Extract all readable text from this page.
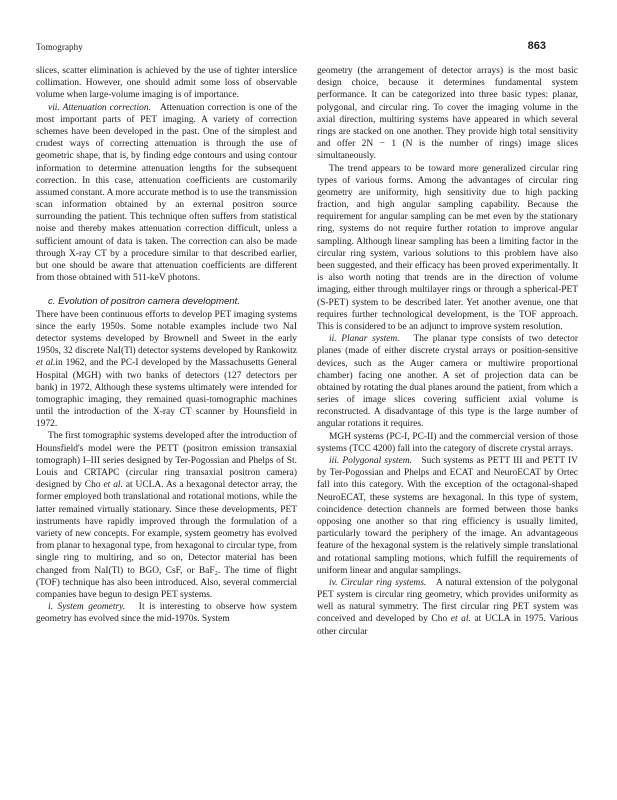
Tomography	863

slices, scatter elimination is achieved by the use of tighter interslice collimation. However, one should admit some loss of observable volume when large-volume imaging is of importance.

vii. Attenuation correction. Attenuation correction is one of the most important parts of PET imaging. A variety of correction schemes have been developed in the past. One of the simplest and crudest ways of correcting attenuation is through the use of geometric shape, that is, by finding edge contours and using contour information to determine attenuation lengths for the subsequent correction. In this case, attenuation coefficients are customarily assumed constant. A more accurate method is to use the transmission scan information obtained by an external positron source surrounding the patient. This technique often suffers from statistical noise and thereby makes attenuation correction difficult, unless a sufficient amount of data is taken. The correction can also be made through X-ray CT by a procedure similar to that described earlier, but one should be aware that attenuation coefficients are different from those obtained with 511-keV photons.

c. Evolution of positron camera development.

There have been continuous efforts to develop PET imaging systems since the early 1950s. Some notable examples include two NaI detector systems developed by Brownell and Sweet in the early 1950s, 32 discrete NaI(Tl) detector systems developed by Rankowitz et al.in 1962, and the PC-I developed by the Massachusetts General Hospital (MGH) with two banks of detectors (127 detectors per bank) in 1972. Although these systems ultimately were intended for tomographic imaging, they remained quasi-tomographic machines until the introduction of the X-ray CT scanner by Hounsfield in 1972.

The first tomographic systems developed after the introduction of Hounsfield's model were the PETT (positron emission transaxial tomograph) I–III series designed by Ter-Pogossian and Phelps of St. Louis and CRTAPC (circular ring transaxial positron camera) designed by Cho et al. at UCLA. As a hexagonal detector array, the former employed both translational and rotational motions, while the latter remained virtually stationary. Since these developments, PET instruments have rapidly improved through the formulation of a variety of new concepts. For example, system geometry has evolved from planar to hexagonal type, from hexagonal to circular type, from single ring to multiring, and so on, Detector material has been changed from NaI(Tl) to BGO, CsF, or BaF₂. The time of flight (TOF) technique has also been introduced. Also, several commercial companies have begun to design PET systems.

i. System geometry. It is interesting to observe how system geometry has evolved since the mid-1970s. System

geometry (the arrangement of detector arrays) is the most basic design choice, because it determines fundamental system performance. It can be categorized into three basic types: planar, polygonal, and circular ring. To cover the imaging volume in the axial direction, multiring systems have appeared in which several rings are stacked on one another. They provide high total sensitivity and offer 2N − 1 (N is the number of rings) image slices simultaneously.

The trend appears to be toward more generalized circular ring types of various forms. Among the advantages of circular ring geometry are uniformity, high sensitivity due to high packing fraction, and high angular sampling capability. Because the requirement for angular sampling can be met even by the stationary ring, systems do not require further rotation to improve angular sampling. Although linear sampling has been a limiting factor in the circular ring system, various solutions to this problem have also been suggested, and their efficacy has been proved experimentally. It is also worth noting that trends are in the direction of volume imaging, either through multilayer rings or through a spherical-PET (S-PET) system to be described later. Yet another avenue, one that requires further technological development, is the TOF approach. This is considered to be an adjunct to improve system resolution.

ii. Planar system. The planar type consists of two detector planes (made of either discrete crystal arrays or position-sensitive devices, such as the Auger camera or multiwire proportional chamber) facing one another. A set of projection data can be obtained by rotating the dual planes around the patient, from which a series of image slices covering sufficient axial volume is reconstructed. A disadvantage of this type is the large number of angular rotations it requires.

MGH systems (PC-I, PC-II) and the commercial version of those systems (TCC 4200) fall into the category of discrete crystal arrays.

iii. Polygonal system. Such systems as PETT III and PETT IV by Ter-Pogossian and Phelps and ECAT and NeuroECAT by Ortec fall into this category. With the exception of the octagonal-shaped NeuroECAT, these systems are hexagonal. In this type of system, coincidence detection channels are formed between those banks opposing one another so that ring efficiency is usually limited, particularly toward the periphery of the image. An advantageous feature of the hexagonal system is the relatively simple translational and rotational sampling motions, which fulfill the requirements of uniform linear and angular samplings.

iv. Circular ring systems. A natural extension of the polygonal PET system is circular ring geometry, which provides uniformity as well as natural symmetry. The first circular ring PET system was conceived and developed by Cho et al. at UCLA in 1975. Various other circular
